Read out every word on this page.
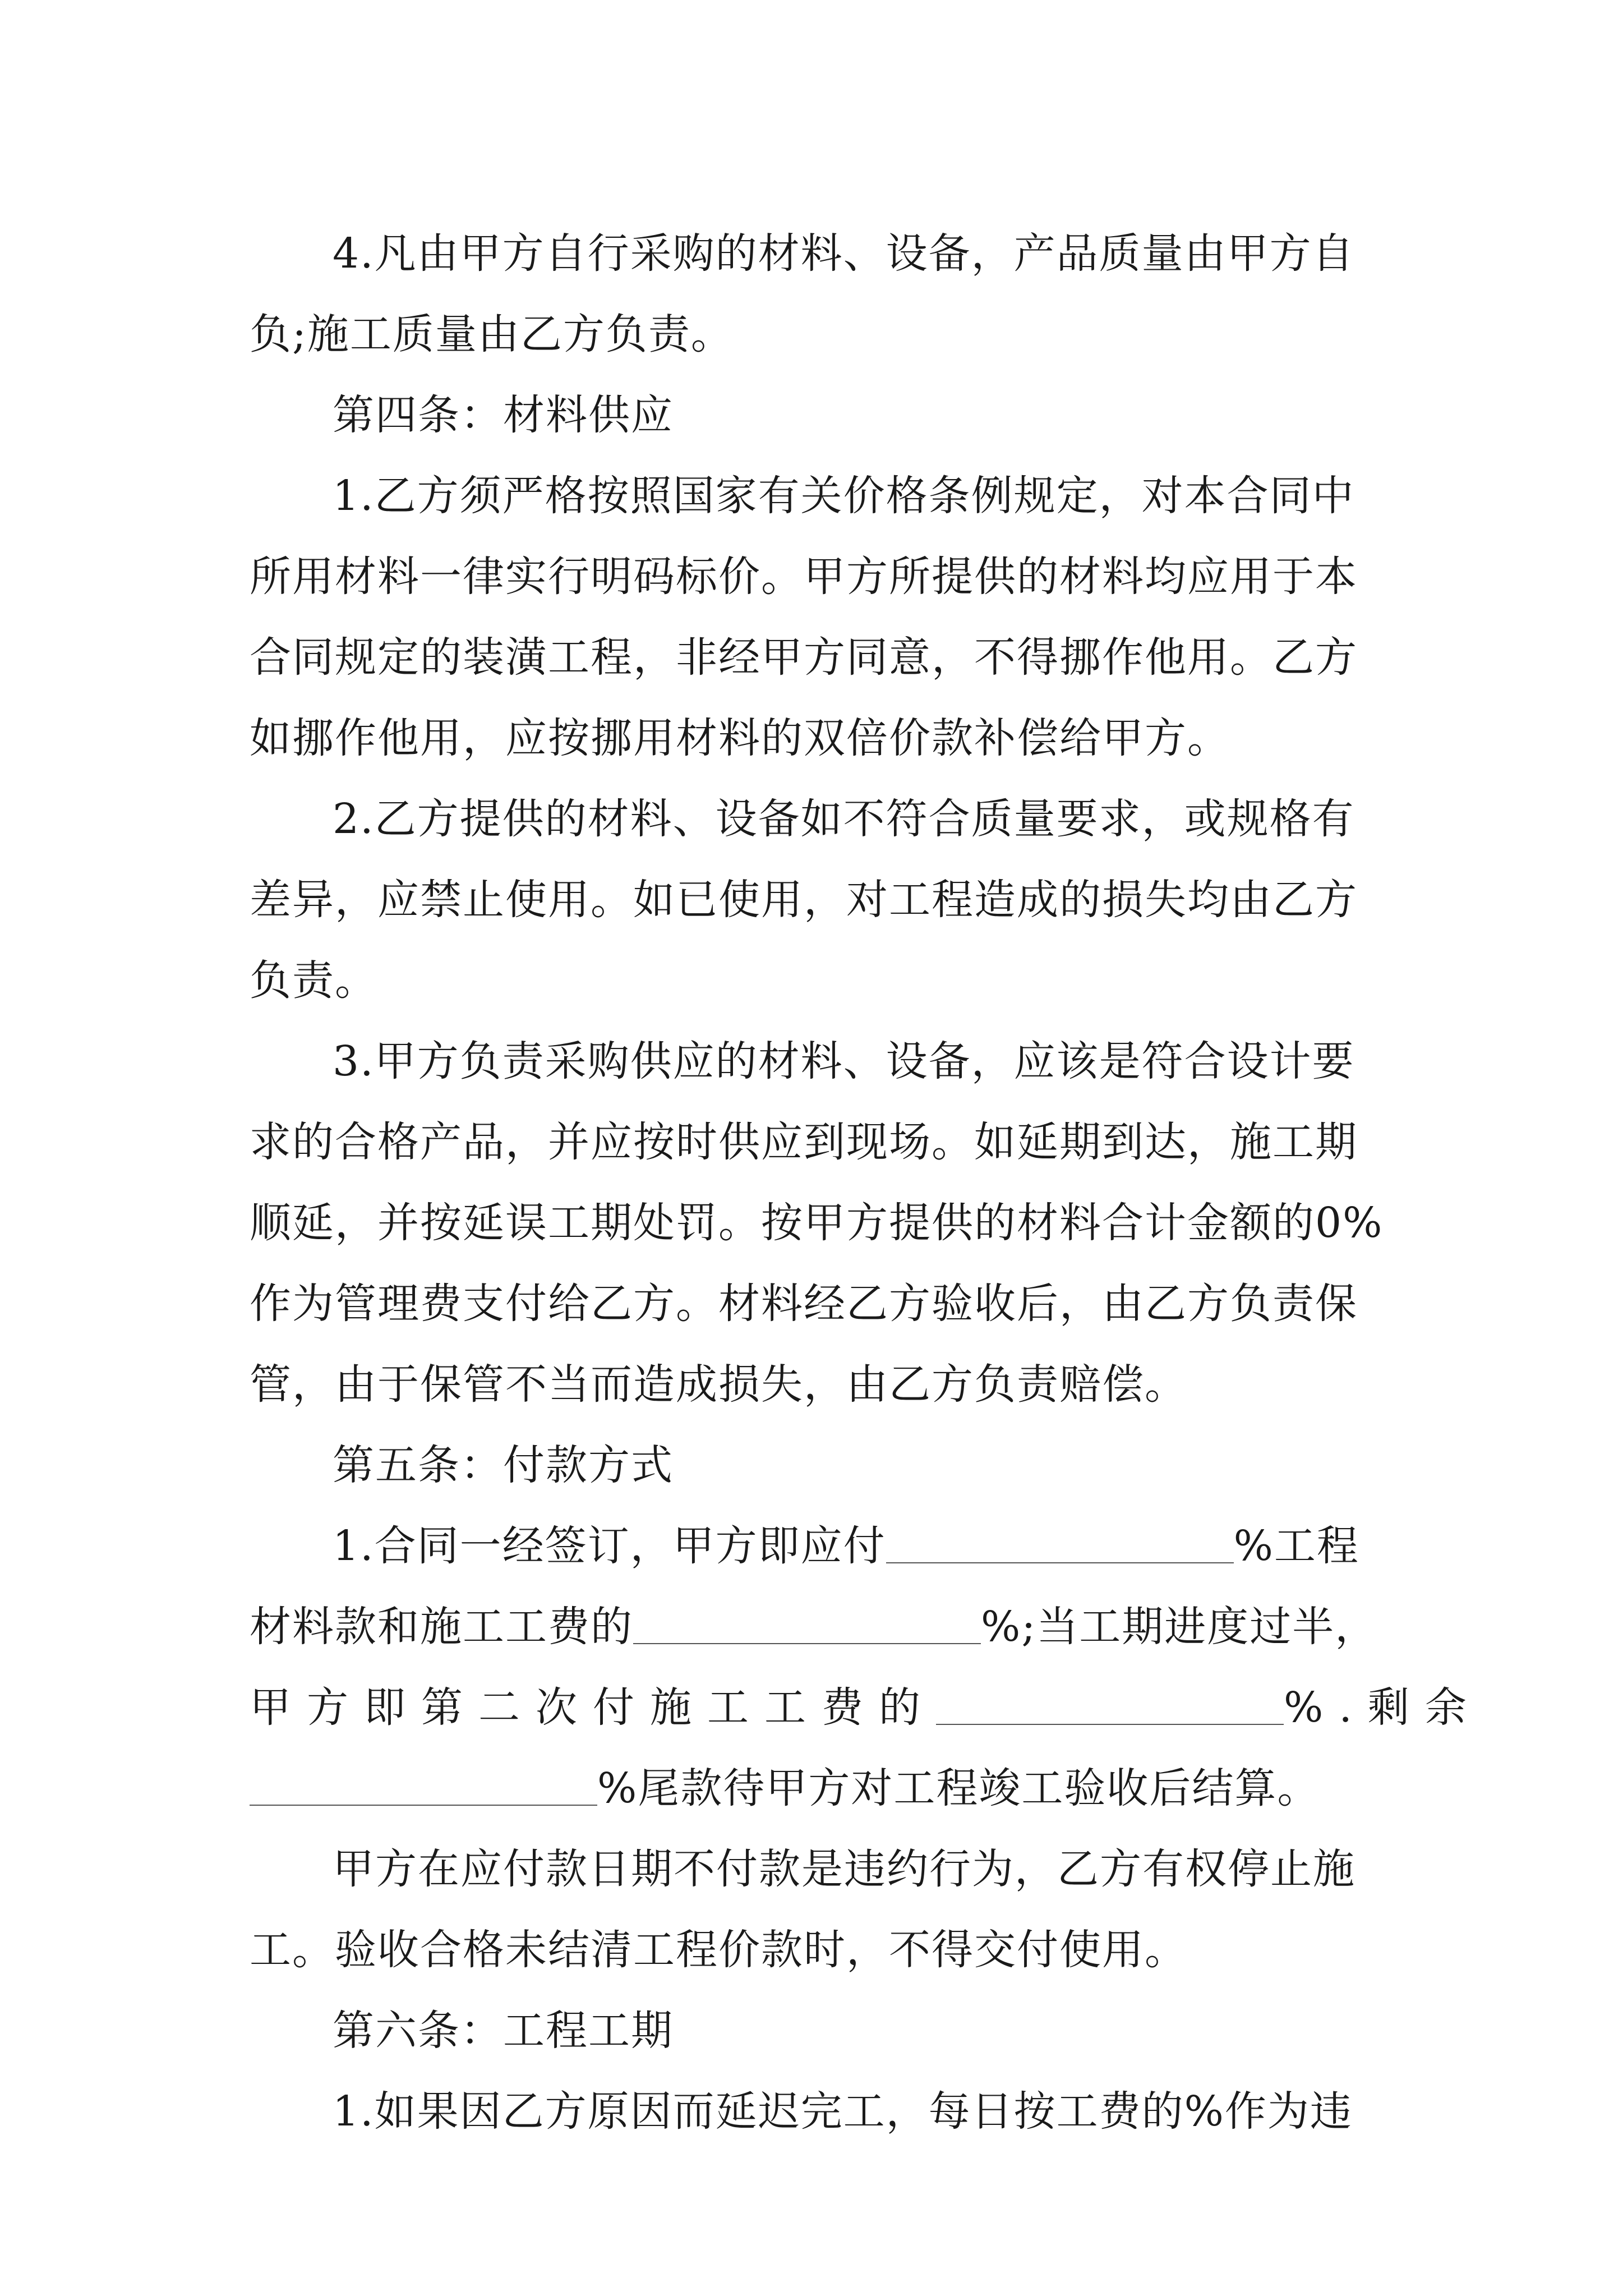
4.凡由甲方自行采购的材料、设备，产品质量由甲方自
负;施工质量由乙方负责。
第四条：材料供应
1.乙方须严格按照国家有关价格条例规定，对本合同中
所用材料一律实行明码标价。甲方所提供的材料均应用于本
合同规定的装潢工程，非经甲方同意，不得挪作他用。乙方
如挪作他用，应按挪用材料的双倍价款补偿给甲方。
2.乙方提供的材料、设备如不符合质量要求，或规格有
差异，应禁止使用。如已使用，对工程造成的损失均由乙方
负责。
3.甲方负责采购供应的材料、设备，应该是符合设计要
求的合格产品，并应按时供应到现场。如延期到达，施工期
顺延，并按延误工期处罚。按甲方提供的材料合计金额的0%
作为管理费支付给乙方。材料经乙方验收后，由乙方负责保
管，由于保管不当而造成损失，由乙方负责赔偿。
第五条：付款方式
1.合同一经签订，甲方即应付	%工程
材料款和施工工费的	%;当工期进度过半，
甲方即第二次付施工工费的	%.剩余
%尾款待甲方对工程竣工验收后结算。
甲方在应付款日期不付款是违约行为，乙方有权停止施
工。验收合格未结清工程价款时，不得交付使用。
第六条：工程工期
1.如果因乙方原因而延迟完工，每日按工费的%作为违
